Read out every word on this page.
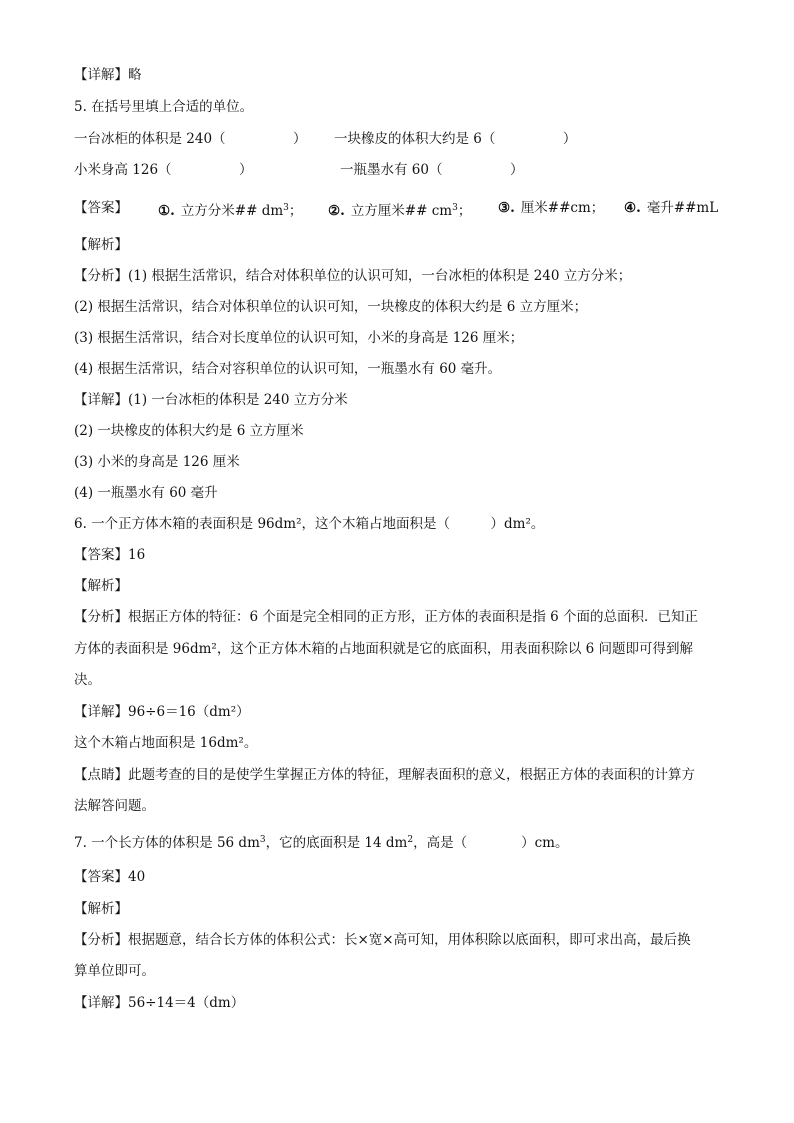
【详解】略
5. 在括号里填上合适的单位。
一台冰柜的体积是 240（　　　　　） 一块橡皮的体积大约是 6（　　　　　）
小米身高 126（　　　　　）	一瓶墨水有 60（　　　　　）
【答案】 ①. 立方分米## $dm^3$； ②. 立方厘米## $cm^3$； ③. 厘米##cm； ④. 毫升##mL
【解析】
【分析】(1) 根据生活常识，结合对体积单位的认识可知，一台冰柜的体积是 240 立方分米；
(2) 根据生活常识，结合对体积单位的认识可知，一块橡皮的体积大约是 6 立方厘米；
(3) 根据生活常识，结合对长度单位的认识可知，小米的身高是 126 厘米；
(4) 根据生活常识，结合对容积单位的认识可知，一瓶墨水有 60 毫升。
【详解】(1) 一台冰柜的体积是 240 立方分米
(2) 一块橡皮的体积大约是 6 立方厘米
(3) 小米的身高是 126 厘米
(4) 一瓶墨水有 60 毫升
6. 一个正方体木箱的表面积是 96dm²，这个木箱占地面积是（　　　）dm²。
【答案】16
【解析】
【分析】根据正方体的特征：6 个面是完全相同的正方形，正方体的表面积是指 6 个面的总面积．已知正
方体的表面积是 96dm²，这个正方体木箱的占地面积就是它的底面积，用表面积除以 6 问题即可得到解
决。
【详解】96÷6＝16（dm²）
这个木箱占地面积是 16dm²。
【点睛】此题考查的目的是使学生掌握正方体的特征，理解表面积的意义，根据正方体的表面积的计算方
法解答问题。
7. 一个长方体的体积是 56 $dm^3$，它的底面积是 14 $dm^2$，高是（　　　　）cm。
【答案】40
【解析】
【分析】根据题意，结合长方体的体积公式：长×宽×高可知，用体积除以底面积，即可求出高，最后换
算单位即可。
【详解】56÷14＝4（dm）
